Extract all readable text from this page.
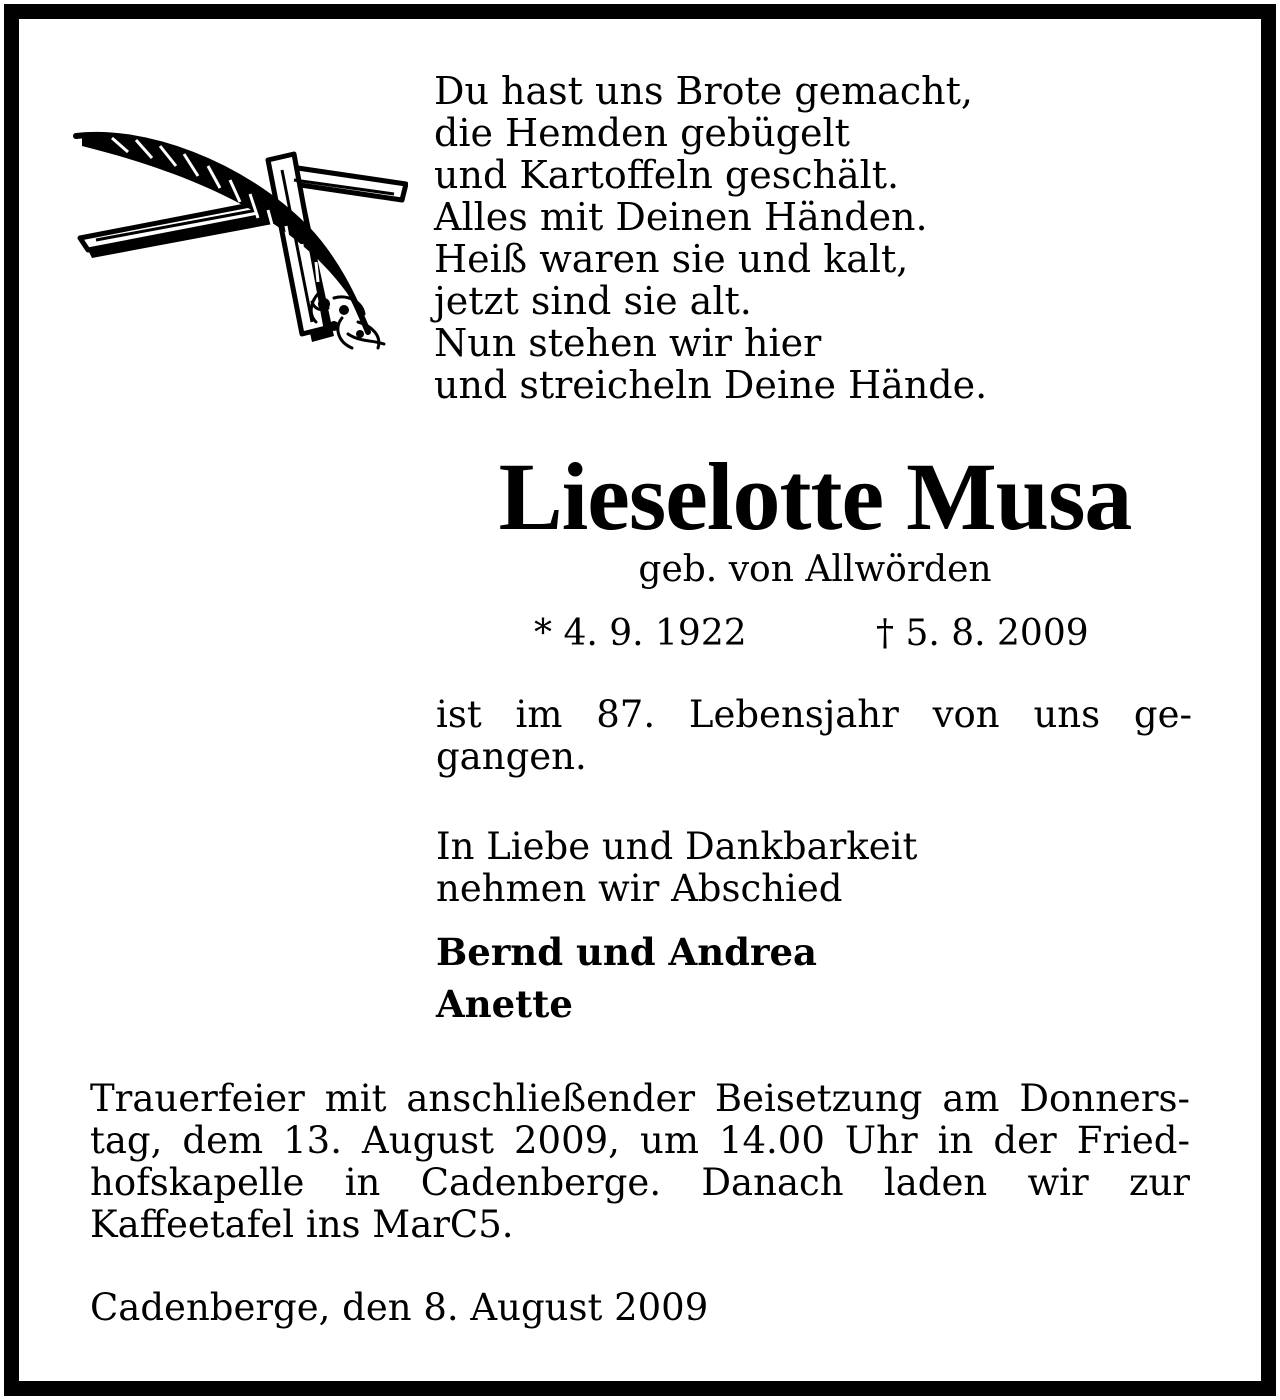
Du hast uns Brote gemacht,
die Hemden gebügelt
und Kartoffeln geschält.
Alles mit Deinen Händen.
Heiß waren sie und kalt,
jetzt sind sie alt.
Nun stehen wir hier
und streicheln Deine Hände.
Lieselotte Musa
geb. von Allwörden
* 4. 9. 1922	† 5. 8. 2009
ist im 87. Lebensjahr von uns ge-
gangen.
In Liebe und Dankbarkeit
nehmen wir Abschied
Bernd und Andrea
Anette
Trauerfeier mit anschließender Beisetzung am Donners-
tag, dem 13. August 2009, um 14.00 Uhr in der Fried-
hofskapelle in Cadenberge. Danach laden wir zur
Kaffeetafel ins MarC5.
Cadenberge, den 8. August 2009
